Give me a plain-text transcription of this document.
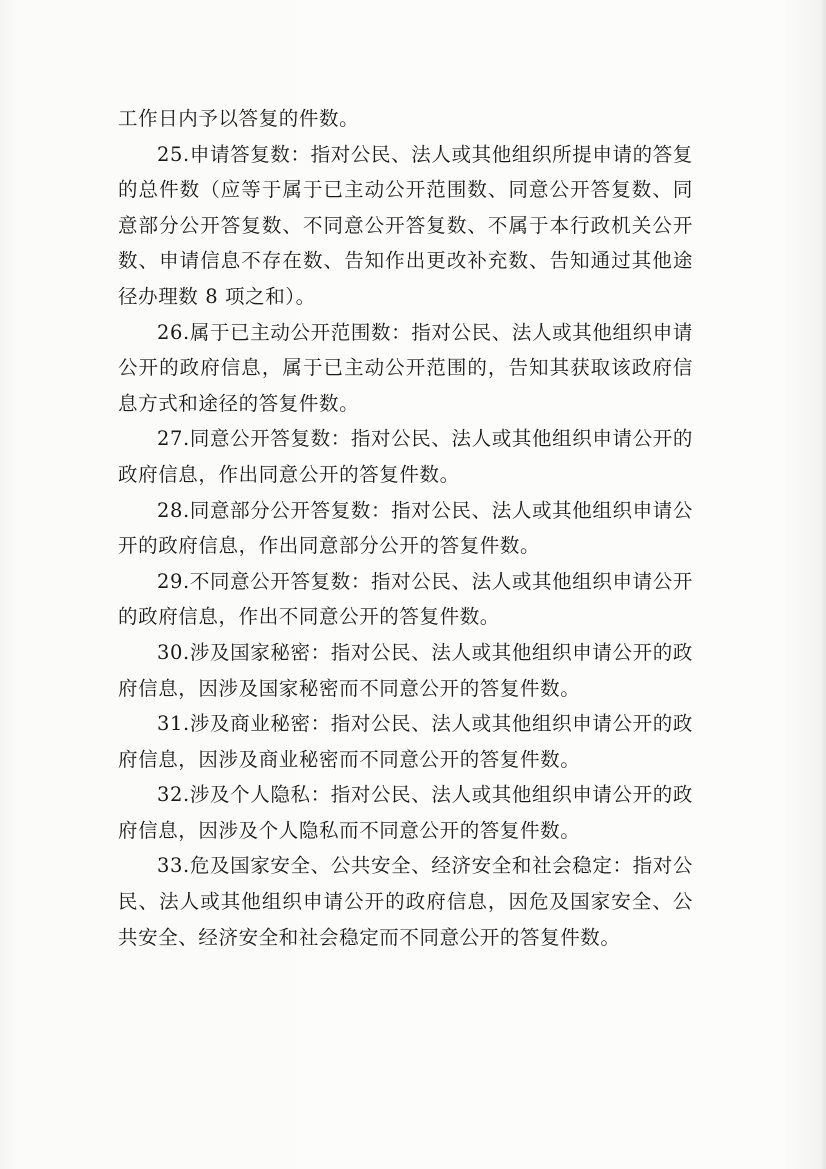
工作日内予以答复的件数。

25.申请答复数：指对公民、法人或其他组织所提申请的答复的总件数（应等于属于已主动公开范围数、同意公开答复数、同意部分公开答复数、不同意公开答复数、不属于本行政机关公开数、申请信息不存在数、告知作出更改补充数、告知通过其他途径办理数 8 项之和）。

26.属于已主动公开范围数：指对公民、法人或其他组织申请公开的政府信息，属于已主动公开范围的，告知其获取该政府信息方式和途径的答复件数。

27.同意公开答复数：指对公民、法人或其他组织申请公开的政府信息，作出同意公开的答复件数。

28.同意部分公开答复数：指对公民、法人或其他组织申请公开的政府信息，作出同意部分公开的答复件数。

29.不同意公开答复数：指对公民、法人或其他组织申请公开的政府信息，作出不同意公开的答复件数。

30.涉及国家秘密：指对公民、法人或其他组织申请公开的政府信息，因涉及国家秘密而不同意公开的答复件数。

31.涉及商业秘密：指对公民、法人或其他组织申请公开的政府信息，因涉及商业秘密而不同意公开的答复件数。

32.涉及个人隐私：指对公民、法人或其他组织申请公开的政府信息，因涉及个人隐私而不同意公开的答复件数。

33.危及国家安全、公共安全、经济安全和社会稳定：指对公民、法人或其他组织申请公开的政府信息，因危及国家安全、公共安全、经济安全和社会稳定而不同意公开的答复件数。
